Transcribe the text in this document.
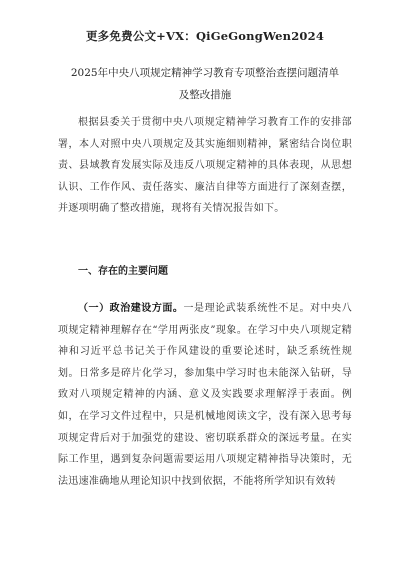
更多免费公文+VX：QiGeGongWen2024
2025年中央八项规定精神学习教育专项整治查摆问题清单
及整改措施
根据县委关于贯彻中央八项规定精神学习教育工作的安排部署，本人对照中央八项规定及其实施细则精神，紧密结合岗位职责、县域教育发展实际及违反八项规定精神的具体表现，从思想认识、工作作风、责任落实、廉洁自律等方面进行了深刻查摆，并逐项明确了整改措施，现将有关情况报告如下。
一、存在的主要问题
（一）政治建设方面。一是理论武装系统性不足。对中央八项规定精神理解存在“学用两张皮”现象。在学习中央八项规定精神和习近平总书记关于作风建设的重要论述时，缺乏系统性规划。日常多是碎片化学习，参加集中学习时也未能深入钻研，导致对八项规定精神的内涵、意义及实践要求理解浮于表面。例如，在学习文件过程中，只是机械地阅读文字，没有深入思考每项规定背后对于加强党的建设、密切联系群众的深远考量。在实际工作里，遇到复杂问题需要运用八项规定精神指导决策时，无法迅速准确地从理论知识中找到依据，不能将所学知识有效转
